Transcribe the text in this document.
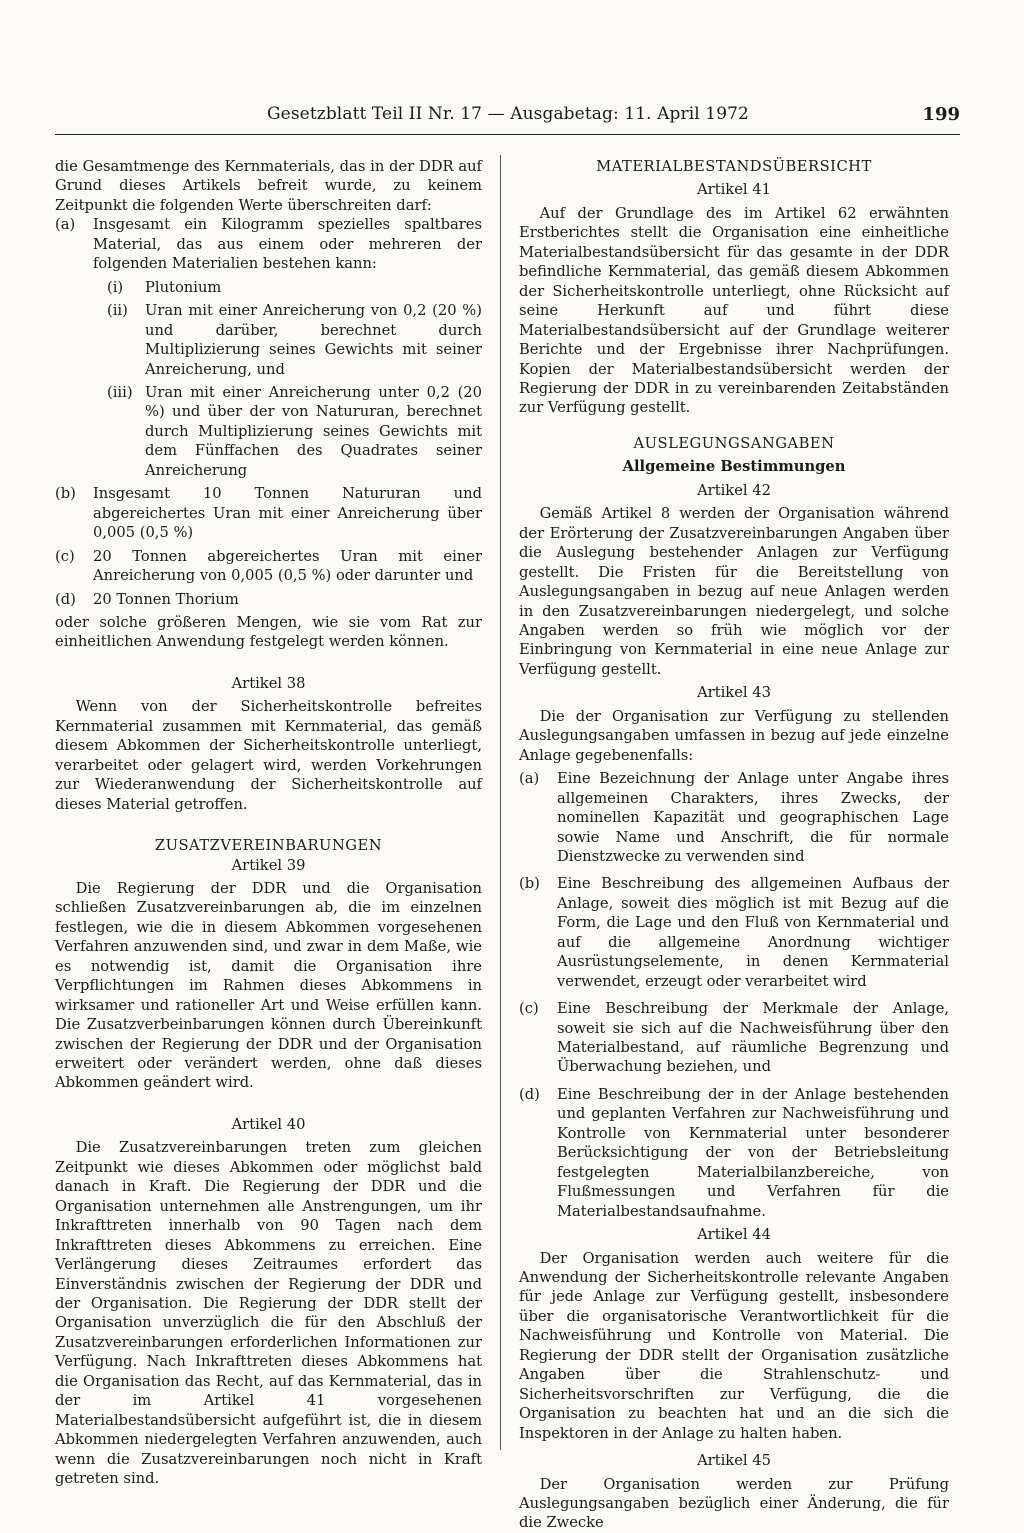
Gesetzblatt Teil II Nr. 17 — Ausgabetag: 11. April 1972	199

die Gesamtmenge des Kernmaterials, das in der DDR auf Grund dieses Artikels befreit wurde, zu keinem Zeitpunkt die folgenden Werte überschreiten darf:

(a)	Insgesamt ein Kilogramm spezielles spaltbares Material, das aus einem oder mehreren der folgenden Materialien bestehen kann:
(i)	Plutonium
(ii)	Uran mit einer Anreicherung von 0,2 (20 %) und darüber, berechnet durch Multiplizierung seines Gewichts mit seiner Anreicherung, und
(iii) Uran mit einer Anreicherung unter 0,2 (20 %) und über der von Natururan, berechnet durch Multiplizierung seines Gewichts mit dem Fünffachen des Quadrates seiner Anreicherung
(b)	Insgesamt 10 Tonnen Natururan und abgereichertes Uran mit einer Anreicherung über 0,005 (0,5 %)
(c)	20 Tonnen abgereichertes Uran mit einer Anreicherung von 0,005 (0,5 %) oder darunter und
(d)	20 Tonnen Thorium

oder solche größeren Mengen, wie sie vom Rat zur einheitlichen Anwendung festgelegt werden können.

Artikel 38

Wenn von der Sicherheitskontrolle befreites Kernmaterial zusammen mit Kernmaterial, das gemäß diesem Abkommen der Sicherheitskontrolle unterliegt, verarbeitet oder gelagert wird, werden Vorkehrungen zur Wiederanwendung der Sicherheitskontrolle auf dieses Material getroffen.

ZUSATZVEREINBARUNGEN

Artikel 39

Die Regierung der DDR und die Organisation schließen Zusatzvereinbarungen ab, die im einzelnen festlegen, wie die in diesem Abkommen vorgesehenen Verfahren anzuwenden sind, und zwar in dem Maße, wie es notwendig ist, damit die Organisation ihre Verpflichtungen im Rahmen dieses Abkommens in wirksamer und rationeller Art und Weise erfüllen kann. Die Zusatzverbeinbarungen können durch Übereinkunft zwischen der Regierung der DDR und der Organisation erweitert oder verändert werden, ohne daß dieses Abkommen geändert wird.

Artikel 40

Die Zusatzvereinbarungen treten zum gleichen Zeitpunkt wie dieses Abkommen oder möglichst bald danach in Kraft. Die Regierung der DDR und die Organisation unternehmen alle Anstrengungen, um ihr Inkrafttreten innerhalb von 90 Tagen nach dem Inkrafttreten dieses Abkommens zu erreichen. Eine Verlängerung dieses Zeitraumes erfordert das Einverständnis zwischen der Regierung der DDR und der Organisation. Die Regierung der DDR stellt der Organisation unverzüglich die für den Abschluß der Zusatzvereinbarungen erforderlichen Informationen zur Verfügung. Nach Inkrafttreten dieses Abkommens hat die Organisation das Recht, auf das Kernmaterial, das in der im Artikel 41 vorgesehenen Materialbestandsübersicht aufgeführt ist, die in diesem Abkommen niedergelegten Verfahren anzuwenden, auch wenn die Zusatzvereinbarungen noch nicht in Kraft getreten sind.

MATERIALBESTANDSÜBERSICHT

Artikel 41

Auf der Grundlage des im Artikel 62 erwähnten Erstberichtes stellt die Organisation eine einheitliche Materialbestandsübersicht für das gesamte in der DDR befindliche Kernmaterial, das gemäß diesem Abkommen der Sicherheitskontrolle unterliegt, ohne Rücksicht auf seine Herkunft auf und führt diese Materialbestandsübersicht auf der Grundlage weiterer Berichte und der Ergebnisse ihrer Nachprüfungen. Kopien der Materialbestandsübersicht werden der Regierung der DDR in zu vereinbarenden Zeitabständen zur Verfügung gestellt.

AUSLEGUNGSANGABEN

Allgemeine Bestimmungen

Artikel 42

Gemäß Artikel 8 werden der Organisation während der Erörterung der Zusatzvereinbarungen Angaben über die Auslegung bestehender Anlagen zur Verfügung gestellt. Die Fristen für die Bereitstellung von Auslegungsangaben in bezug auf neue Anlagen werden in den Zusatzvereinbarungen niedergelegt, und solche Angaben werden so früh wie möglich vor der Einbringung von Kernmaterial in eine neue Anlage zur Verfügung gestellt.

Artikel 43

Die der Organisation zur Verfügung zu stellenden Auslegungsangaben umfassen in bezug auf jede einzelne Anlage gegebenenfalls:

(a)	Eine Bezeichnung der Anlage unter Angabe ihres allgemeinen Charakters, ihres Zwecks, der nominellen Kapazität und geographischen Lage sowie Name und Anschrift, die für normale Dienstzwecke zu verwenden sind
(b)	Eine Beschreibung des allgemeinen Aufbaus der Anlage, soweit dies möglich ist mit Bezug auf die Form, die Lage und den Fluß von Kernmaterial und auf die allgemeine Anordnung wichtiger Ausrüstungselemente, in denen Kernmaterial verwendet, erzeugt oder verarbeitet wird
(c)	Eine Beschreibung der Merkmale der Anlage, soweit sie sich auf die Nachweisführung über den Materialbestand, auf räumliche Begrenzung und Überwachung beziehen, und
(d)	Eine Beschreibung der in der Anlage bestehenden und geplanten Verfahren zur Nachweisführung und Kontrolle von Kernmaterial unter besonderer Berücksichtigung der von der Betriebsleitung festgelegten Materialbilanzbereiche, von Flußmessungen und Verfahren für die Materialbestandsaufnahme.

Artikel 44

Der Organisation werden auch weitere für die Anwendung der Sicherheitskontrolle relevante Angaben für jede Anlage zur Verfügung gestellt, insbesondere über die organisatorische Verantwortlichkeit für die Nachweisführung und Kontrolle von Material. Die Regierung der DDR stellt der Organisation zusätzliche Angaben über die Strahlenschutz- und Sicherheitsvorschriften zur Verfügung, die die Organisation zu beachten hat und an die sich die Inspektoren in der Anlage zu halten haben.

Artikel 45

Der Organisation werden zur Prüfung Auslegungsangaben bezüglich einer Änderung, die für die Zwecke
